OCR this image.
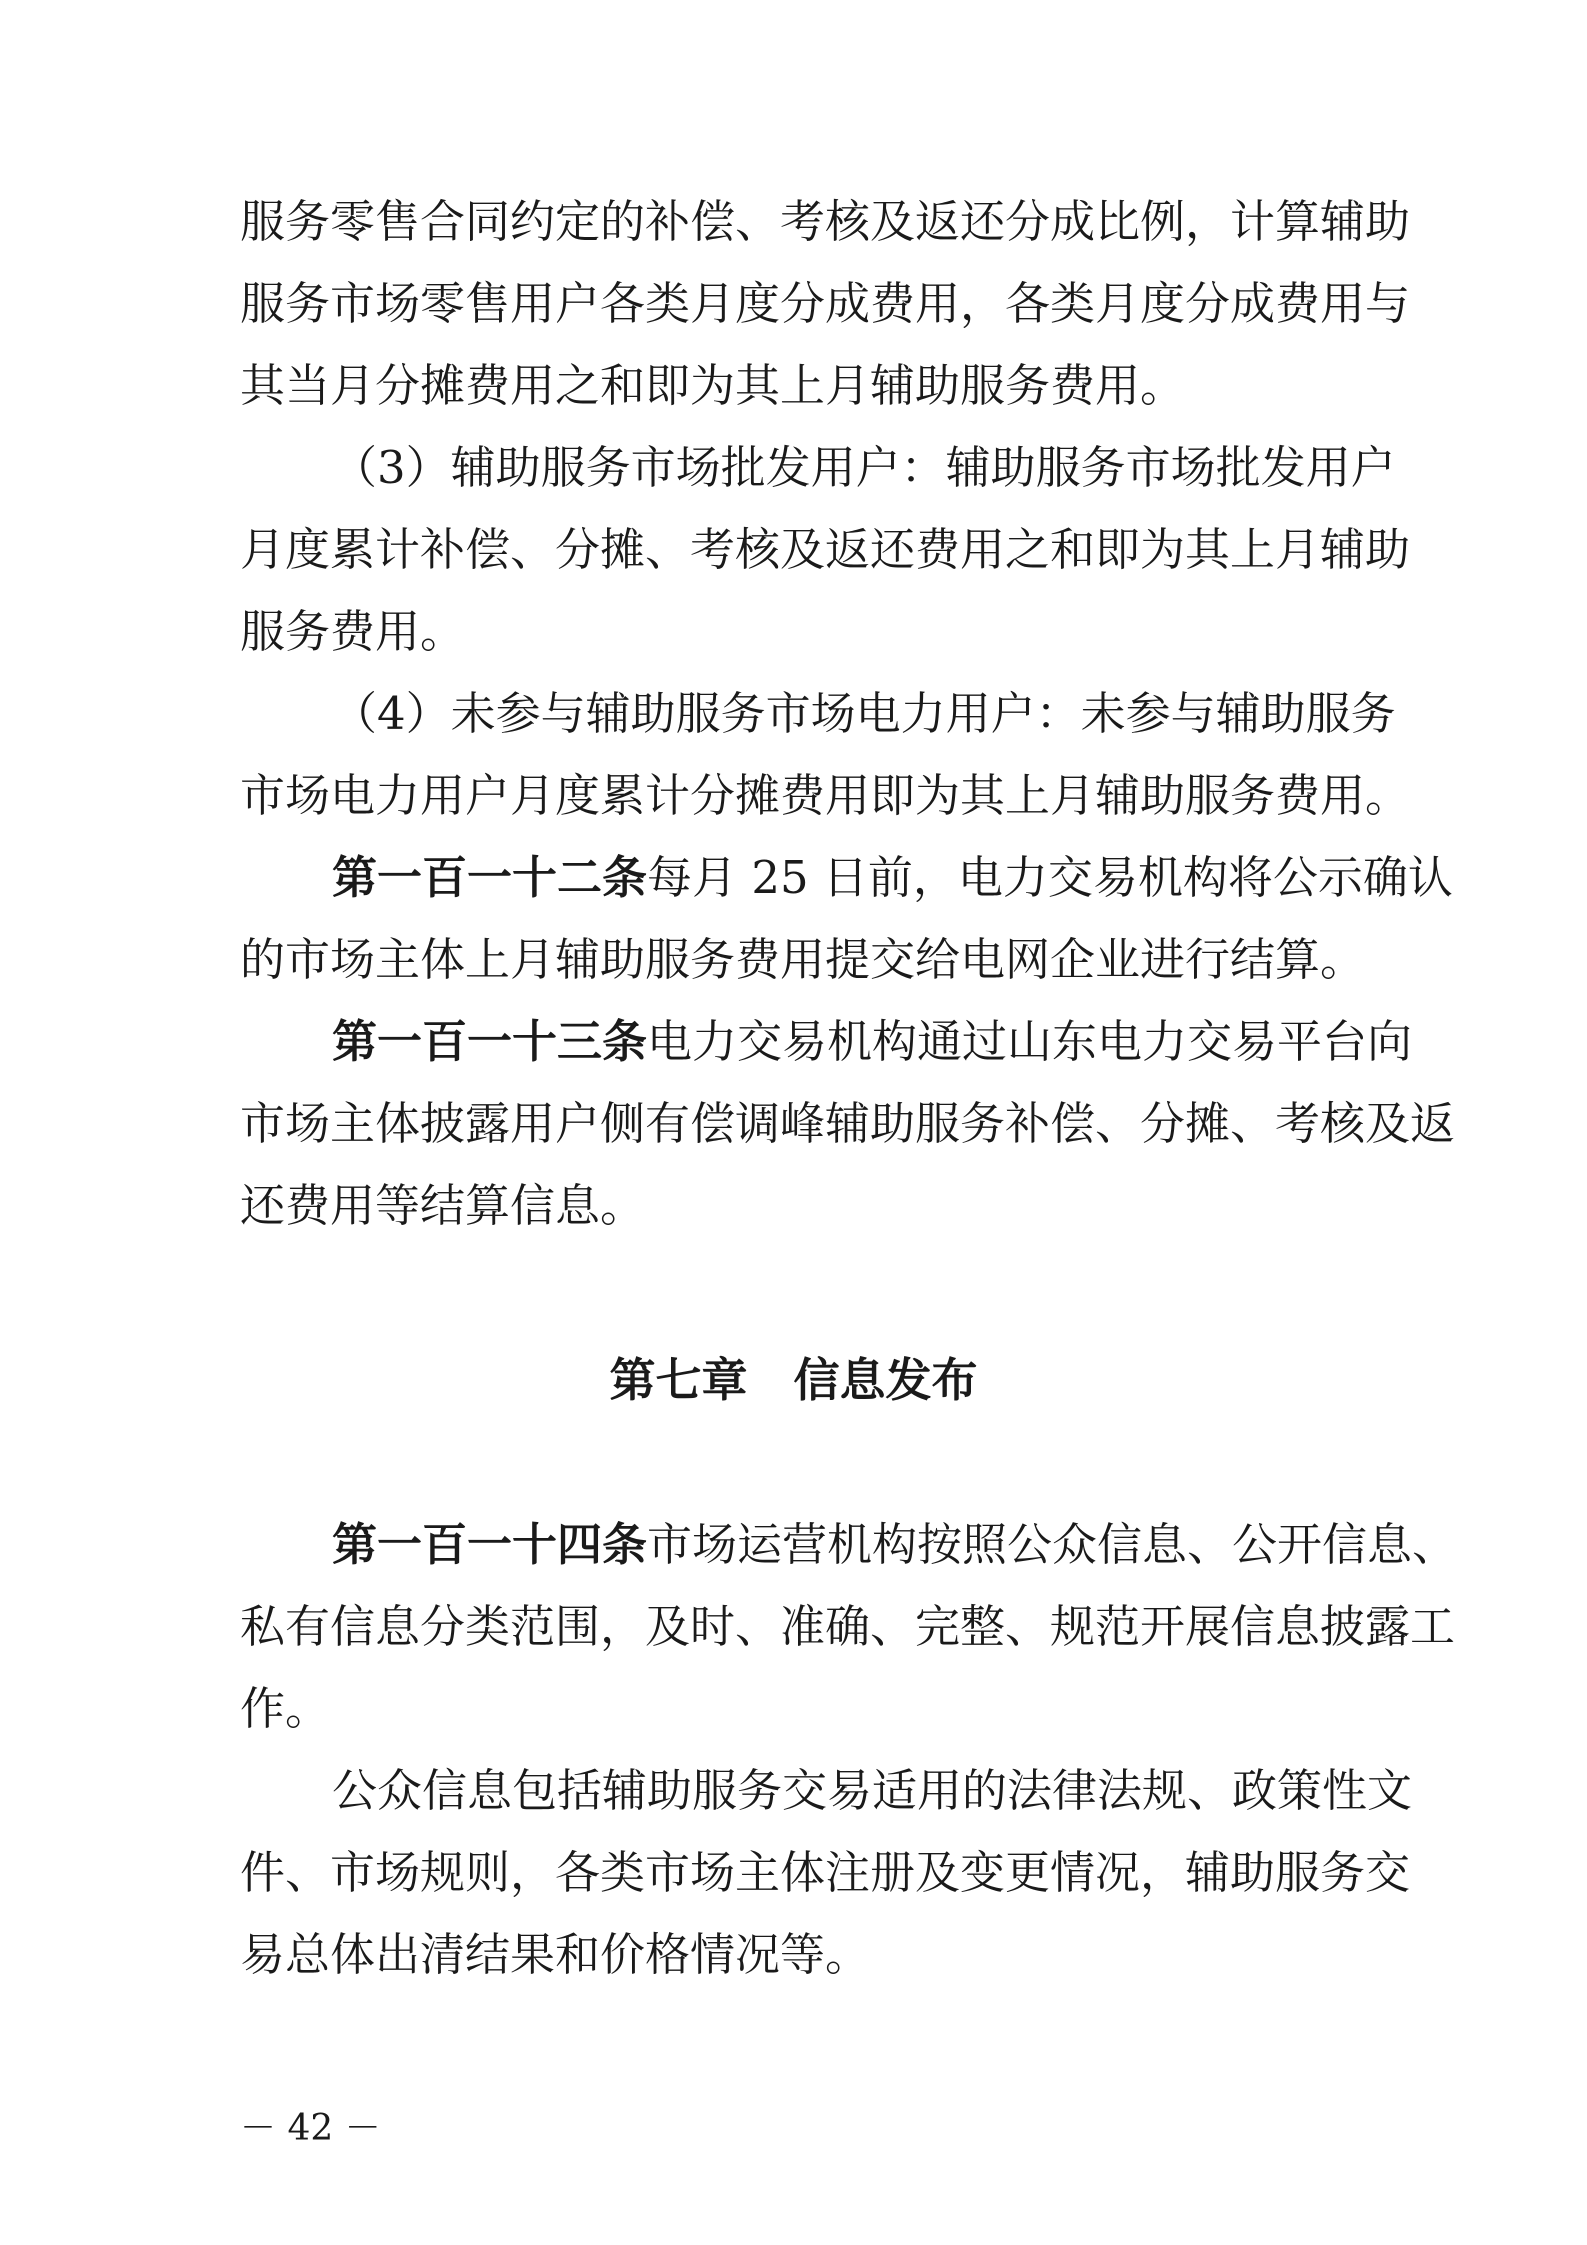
服务零售合同约定的补偿、考核及返还分成比例，计算辅助

服务市场零售用户各类月度分成费用，各类月度分成费用与

其当月分摊费用之和即为其上月辅助服务费用。

（3）辅助服务市场批发用户：辅助服务市场批发用户

月度累计补偿、分摊、考核及返还费用之和即为其上月辅助

服务费用。

（4）未参与辅助服务市场电力用户：未参与辅助服务

市场电力用户月度累计分摊费用即为其上月辅助服务费用。

第一百一十二条每月 25 日前，电力交易机构将公示确认

的市场主体上月辅助服务费用提交给电网企业进行结算。

第一百一十三条电力交易机构通过山东电力交易平台向

市场主体披露用户侧有偿调峰辅助服务补偿、分摊、考核及返

还费用等结算信息。

第七章 信息发布

第一百一十四条市场运营机构按照公众信息、公开信息、

私有信息分类范围，及时、准确、完整、规范开展信息披露工

作。

公众信息包括辅助服务交易适用的法律法规、政策性文

件、市场规则，各类市场主体注册及变更情况，辅助服务交

易总体出清结果和价格情况等。

－ 42 －
